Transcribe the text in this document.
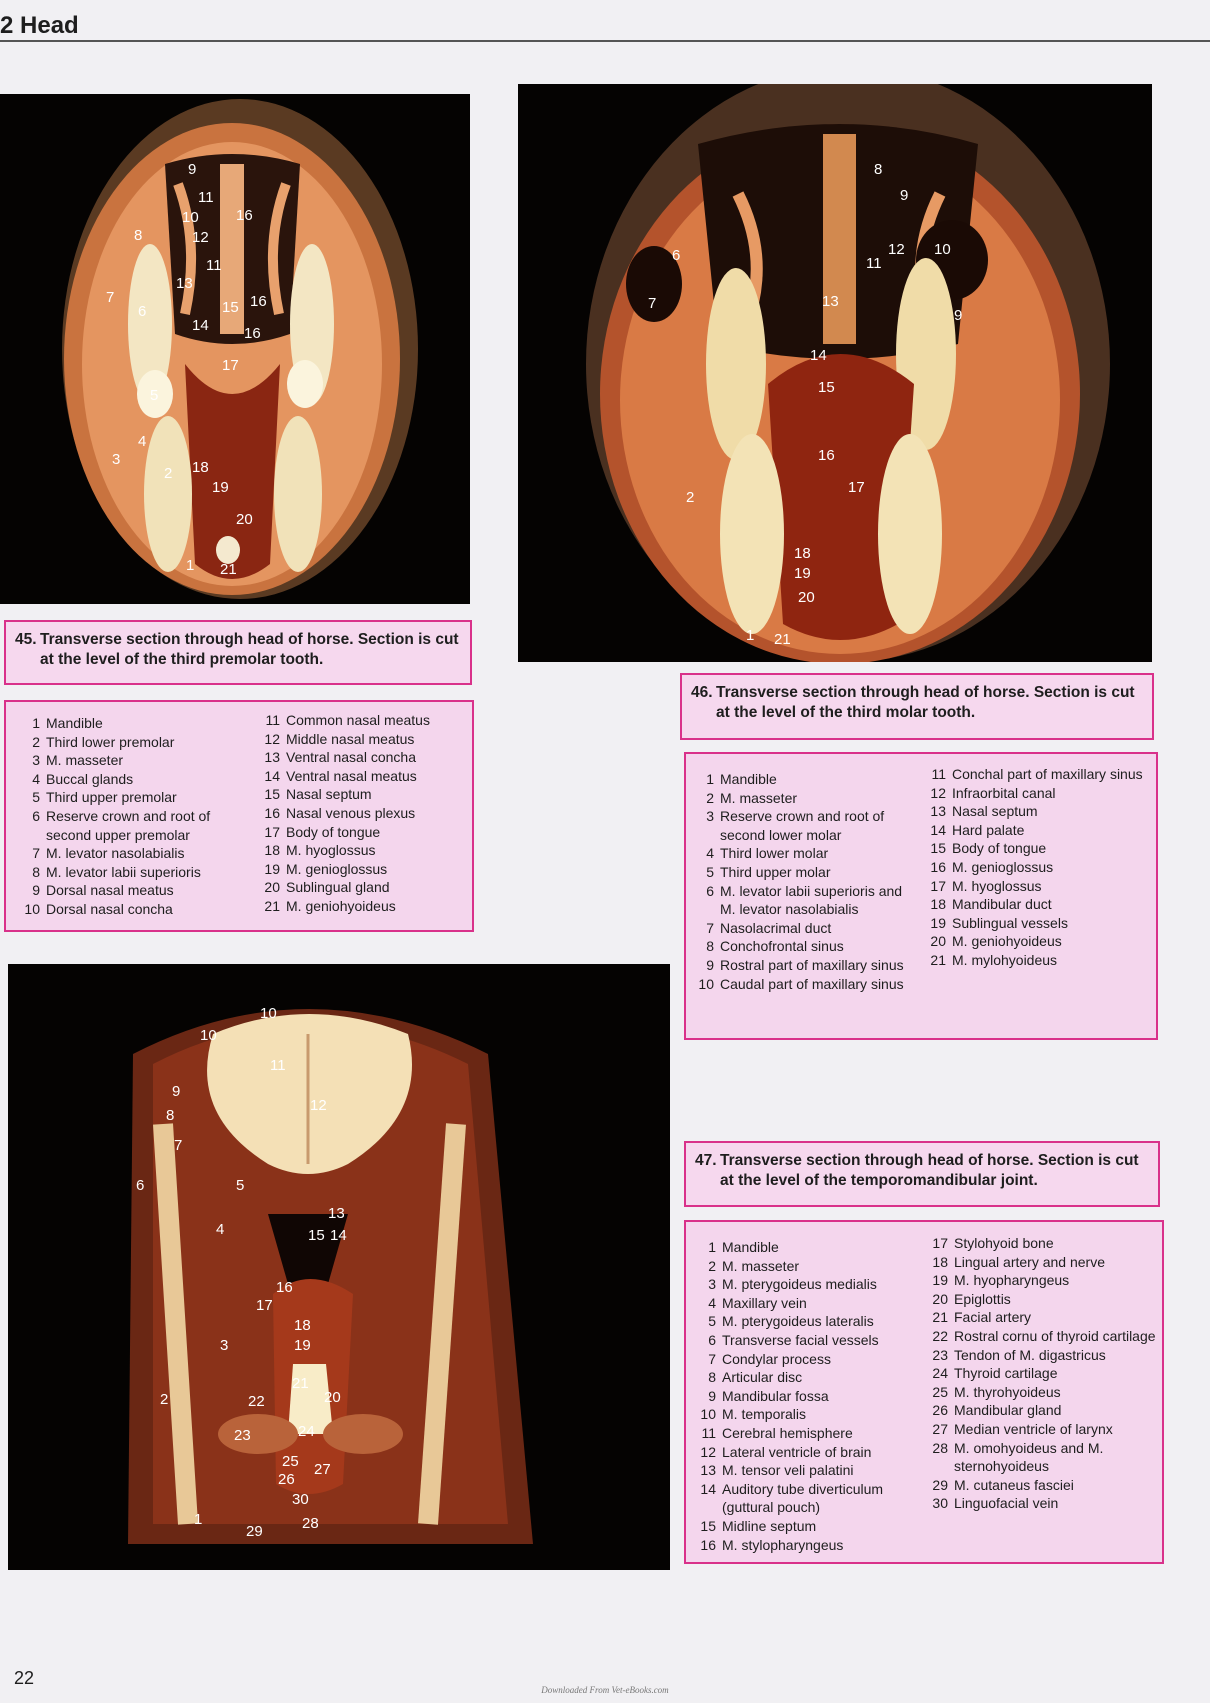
2 Head
9
11
10 16
12
11
13
16
6
8
7
14
15
16
17
5
4
3
2 18
19
20
1 21
8
9
6	12 10
11
13
9
7
14
15
16
17
2
18
19
20
1 21
10
10
11
12
9
8
7
6	5
4
13
15 14
16
17
18
19
3
21
2	22	20
23	24
25 27
26
1
30
29	28
45. Transverse section through head of horse. Section is cut at the level of the third premolar tooth.
1 Mandible
2 Third lower premolar
3 M. masseter
4 Buccal glands
5 Third upper premolar
6 Reserve crown and root of second upper premolar
7 M. levator nasolabialis
8 M. levator labii superioris
9 Dorsal nasal meatus
10 Dorsal nasal concha
11 Common nasal meatus
12 Middle nasal meatus
13 Ventral nasal concha
14 Ventral nasal meatus
15 Nasal septum
16 Nasal venous plexus
17 Body of tongue
18 M. hyoglossus
19 M. genioglossus
20 Sublingual gland
21 M. geniohyoideus
46. Transverse section through head of horse. Section is cut at the level of the third molar tooth.
1 Mandible
2 M. masseter
3 Reserve crown and root of second lower molar
4 Third lower molar
5 Third upper molar
6 M. levator labii superioris and M. levator nasolabialis
7 Nasolacrimal duct
8 Conchofrontal sinus
9 Rostral part of maxillary sinus
10 Caudal part of maxillary sinus
11 Conchal part of maxillary sinus
12 Infraorbital canal
13 Nasal septum
14 Hard palate
15 Body of tongue
16 M. genioglossus
17 M. hyoglossus
18 Mandibular duct
19 Sublingual vessels
20 M. geniohyoideus
21 M. mylohyoideus
47. Transverse section through head of horse. Section is cut at the level of the temporomandibular joint.
1 Mandible
2 M. masseter
3 M. pterygoideus medialis
4 Maxillary vein
5 M. pterygoideus lateralis
6 Transverse facial vessels
7 Condylar process
8 Articular disc
9 Mandibular fossa
10 M. temporalis
11 Cerebral hemisphere
12 Lateral ventricle of brain
13 M. tensor veli palatini
14 Auditory tube diverticulum (guttural pouch)
15 Midline septum
16 M. stylopharyngeus
17 Stylohyoid bone
18 Lingual artery and nerve
19 M. hyopharyngeus
20 Epiglottis
21 Facial artery
22 Rostral cornu of thyroid cartilage
23 Tendon of M. digastricus
24 Thyroid cartilage
25 M. thyrohyoideus
26 Mandibular gland
27 Median ventricle of larynx
28 M. omohyoideus and M. sternohyoideus
29 M. cutaneus fasciei
30 Linguofacial vein
22
Downloaded From Vet-eBooks.com
